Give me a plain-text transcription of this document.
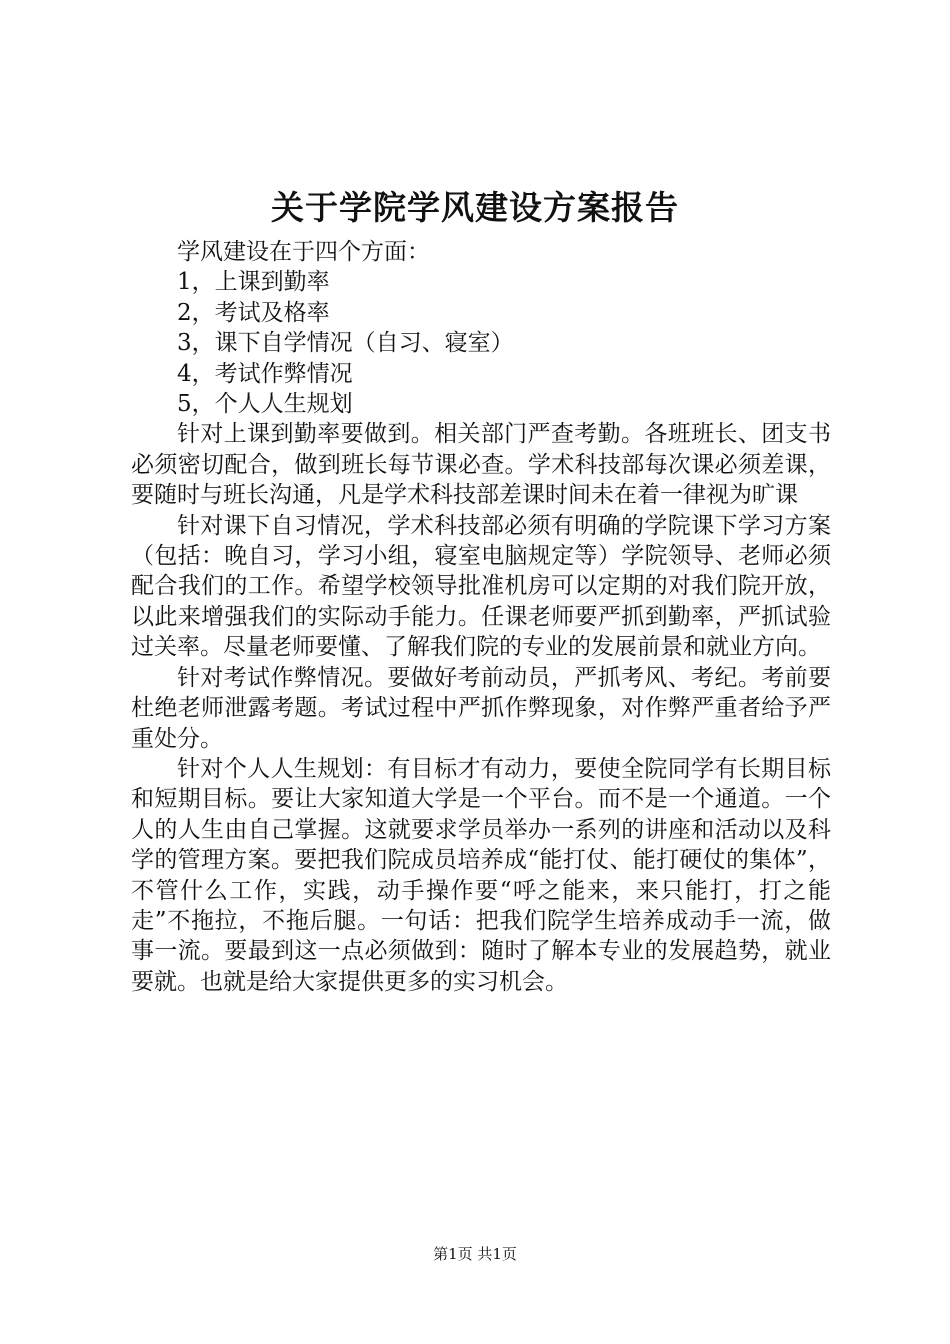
关于学院学风建设方案报告

学风建设在于四个方面：

1，上课到勤率

2，考试及格率

3，课下自学情况（自习、寝室）

4，考试作弊情况

5，个人人生规划

针对上课到勤率要做到。相关部门严查考勤。各班班长、团支书必须密切配合，做到班长每节课必查。学术科技部每次课必须差课，要随时与班长沟通，凡是学术科技部差课时间未在着一律视为旷课

针对课下自习情况，学术科技部必须有明确的学院课下学习方案（包括：晚自习，学习小组，寝室电脑规定等）学院领导、老师必须配合我们的工作。希望学校领导批准机房可以定期的对我们院开放，以此来增强我们的实际动手能力。任课老师要严抓到勤率，严抓试验过关率。尽量老师要懂、了解我们院的专业的发展前景和就业方向。

针对考试作弊情况。要做好考前动员，严抓考风、考纪。考前要杜绝老师泄露考题。考试过程中严抓作弊现象，对作弊严重者给予严重处分。

针对个人人生规划：有目标才有动力，要使全院同学有长期目标和短期目标。要让大家知道大学是一个平台。而不是一个通道。一个人的人生由自己掌握。这就要求学员举办一系列的讲座和活动以及科学的管理方案。要把我们院成员培养成“能打仗、能打硬仗的集体”，不管什么工作，实践，动手操作要“呼之能来，来只能打，打之能走”不拖拉，不拖后腿。一句话：把我们院学生培养成动手一流，做事一流。要最到这一点必须做到：随时了解本专业的发展趋势，就业要就。也就是给大家提供更多的实习机会。

第1页 共1页
